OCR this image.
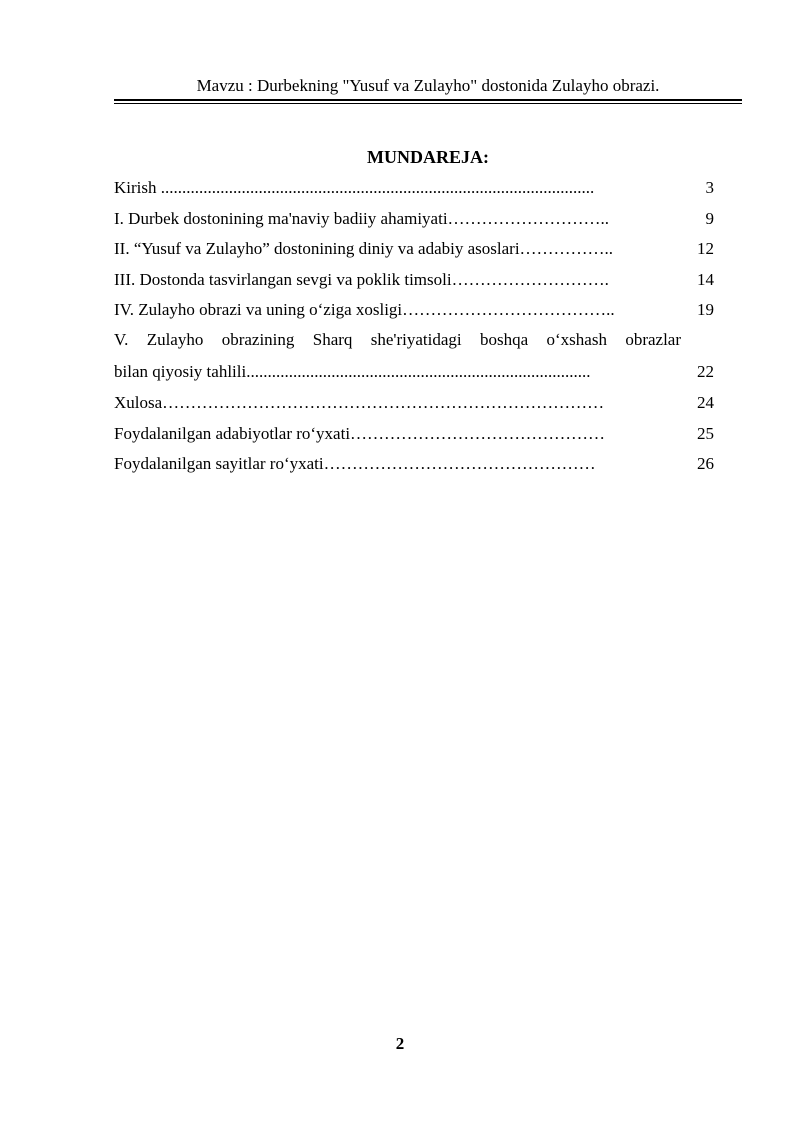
Mavzu : Durbekning "Yusuf va Zulayho" dostonida Zulayho obrazi.
MUNDAREJA:
Kirish ......................................................................................................	3
I. Durbek dostonining ma'naviy badiiy ahamiyati………………………..	9
II. “Yusuf va Zulayho” dostonining diniy va adabiy asoslari……………..	12
III. Dostonda tasvirlangan sevgi va poklik timsoli……………………….	14
IV. Zulayho obrazi va uning o‘ziga xosligi………………………………..	19
V. Zulayho obrazining Sharq she'riyatidagi boshqa o‘xshash obrazlar
bilan qiyosiy tahlili.................................................................................	22
Xulosa……………………………………………………………………	24
Foydalanilgan adabiyotlar ro‘yxati………………………………………	25
Foydalanilgan sayitlar ro‘yxati…………………………………………	26
2
